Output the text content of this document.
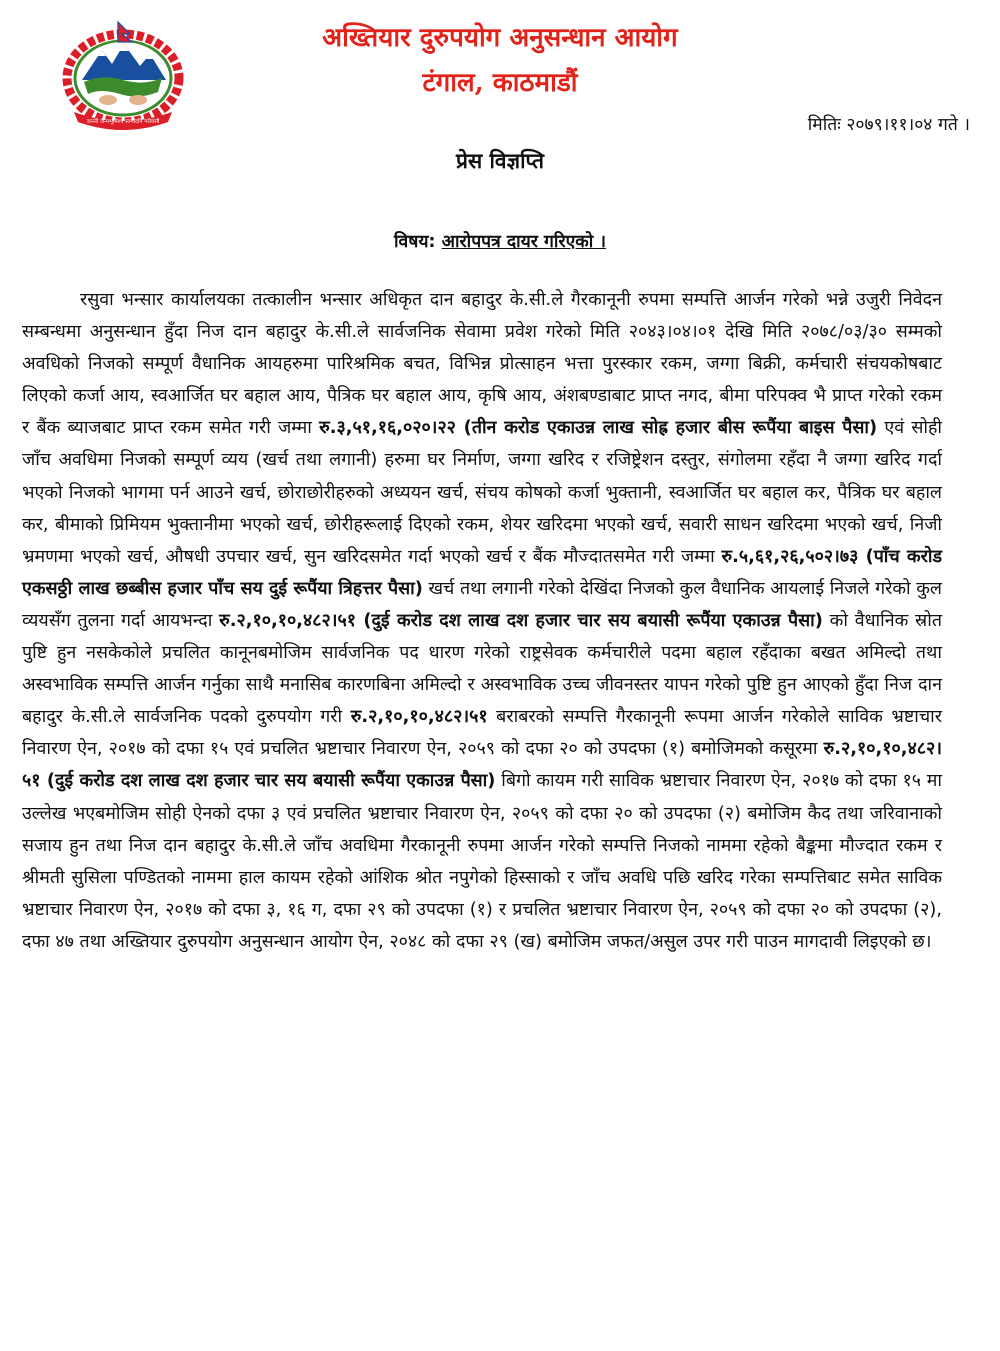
जननी जन्मभूमिश्च स्वर्गादपि गरीयसी
अख्तियार दुरुपयोग अनुसन्धान आयोग
टंगाल, काठमाडौं
मितिः २०७९।११।०४ गते ।
प्रेस विज्ञप्ति
विषय: आरोपपत्र दायर गरिएको ।

रसुवा भन्सार कार्यालयका तत्कालीन भन्सार अधिकृत दान बहादुर के.सी.ले गैरकानूनी रुपमा सम्पत्ति आर्जन गरेको भन्ने उजुरी निवेदन सम्बन्धमा अनुसन्धान हुँदा निज दान बहादुर के.सी.ले सार्वजनिक सेवामा प्रवेश गरेको मिति २०४३।०४।०१ देखि मिति २०७८/०३/३० सम्मको अवधिको निजको सम्पूर्ण वैधानिक आयहरुमा पारिश्रमिक बचत, विभिन्न प्रोत्साहन भत्ता पुरस्कार रकम, जग्गा बिक्री, कर्मचारी संचयकोषबाट लिएको कर्जा आय, स्वआर्जित घर बहाल आय, पैत्रिक घर बहाल आय, कृषि आय, अंशबण्डाबाट प्राप्त नगद, बीमा परिपक्व भै प्राप्त गरेको रकम र बैंक ब्याजबाट प्राप्त रकम समेत गरी जम्मा रु.३,५१,१६,०२०।२२ (तीन करोड एकाउन्न लाख सोह्र हजार बीस रूपैंया बाइस पैसा) एवं सोही जाँच अवधिमा निजको सम्पूर्ण व्यय (खर्च तथा लगानी) हरुमा घर निर्माण, जग्गा खरिद र रजिष्ट्रेशन दस्तुर, संगोलमा रहँदा नै जग्गा खरिद गर्दा भएको निजको भागमा पर्न आउने खर्च, छोराछोरीहरुको अध्ययन खर्च, संचय कोषको कर्जा भुक्तानी, स्वआर्जित घर बहाल कर, पैत्रिक घर बहाल कर, बीमाको प्रिमियम भुक्तानीमा भएको खर्च, छोरीहरूलाई दिएको रकम, शेयर खरिदमा भएको खर्च, सवारी साधन खरिदमा भएको खर्च, निजी भ्रमणमा भएको खर्च, औषधी उपचार खर्च, सुन खरिदसमेत गर्दा भएको खर्च र बैंक मौज्दातसमेत गरी जम्मा रु.५,६१,२६,५०२।७३ (पाँच करोड एकसठ्ठी लाख छब्बीस हजार पाँच सय दुई रूपैंया त्रिहत्तर पैसा) खर्च तथा लगानी गरेको देखिंदा निजको कुल वैधानिक आयलाई निजले गरेको कुल व्ययसँग तुलना गर्दा आयभन्दा रु.२,१०,१०,४८२।५१ (दुई करोड दश लाख दश हजार चार सय बयासी रूपैंया एकाउन्न पैसा) को वैधानिक स्रोत पुष्टि हुन नसकेकोले प्रचलित कानूनबमोजिम सार्वजनिक पद धारण गरेको राष्ट्रसेवक कर्मचारीले पदमा बहाल रहँदाका बखत अमिल्दो तथा अस्वभाविक सम्पत्ति आर्जन गर्नुका साथै मनासिब कारणबिना अमिल्दो र अस्वभाविक उच्च जीवनस्तर यापन गरेको पुष्टि हुन आएको हुँदा निज दान बहादुर के.सी.ले सार्वजनिक पदको दुरुपयोग गरी रु.२,१०,१०,४८२।५१ बराबरको सम्पत्ति गैरकानूनी रूपमा आर्जन गरेकोले साविक भ्रष्टाचार निवारण ऐन, २०१७ को दफा १५ एवं प्रचलित भ्रष्टाचार निवारण ऐन, २०५९ को दफा २० को उपदफा (१) बमोजिमको कसूरमा रु.२,१०,१०,४८२।५१ (दुई करोड दश लाख दश हजार चार सय बयासी रूपैंया एकाउन्न पैसा) बिगो कायम गरी साविक भ्रष्टाचार निवारण ऐन, २०१७ को दफा १५ मा उल्लेख भएबमोजिम सोही ऐनको दफा ३ एवं प्रचलित भ्रष्टाचार निवारण ऐन, २०५९ को दफा २० को उपदफा (२) बमोजिम कैद तथा जरिवानाको सजाय हुन तथा निज दान बहादुर के.सी.ले जाँच अवधिमा गैरकानूनी रुपमा आर्जन गरेको सम्पत्ति निजको नाममा रहेको बैङ्कमा मौज्दात रकम र श्रीमती सुसिला पण्डितको नाममा हाल कायम रहेको आंशिक श्रोत नपुगेको हिस्साको र जाँच अवधि पछि खरिद गरेका सम्पत्तिबाट समेत साविक भ्रष्टाचार निवारण ऐन, २०१७ को दफा ३, १६ ग, दफा २९ को उपदफा (१) र प्रचलित भ्रष्टाचार निवारण ऐन, २०५९ को दफा २० को उपदफा (२), दफा ४७ तथा अख्तियार दुरुपयोग अनुसन्धान आयोग ऐन, २०४८ को दफा २९ (ख) बमोजिम जफत/असुल उपर गरी पाउन मागदावी लिइएको छ।
